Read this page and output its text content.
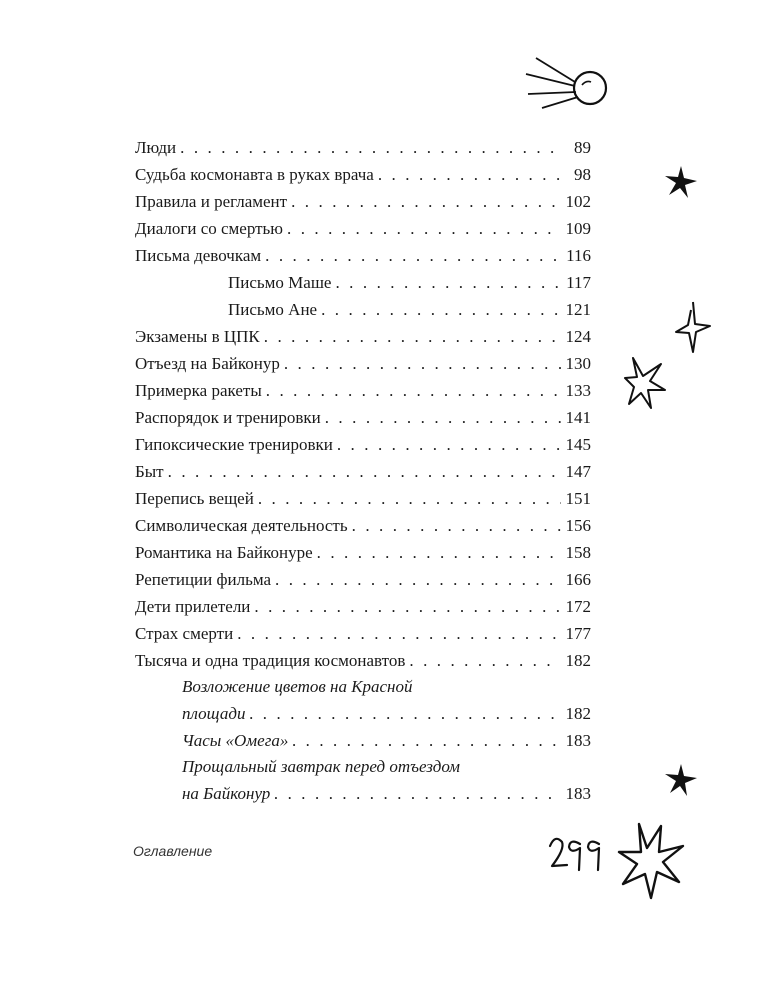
Люди . . .	89
Судьба космонавта в руках врача . . .	98
Правила и регламент . . .	102
Диалоги со смертью . . .	109
Письма девочкам . . .	116
Письмо Маше . . .	117
Письмо Ане . . .	121
Экзамены в ЦПК . . .	124
Отъезд на Байконур . . .	130
Примерка ракеты . . .	133
Распорядок и тренировки . . .	141
Гипоксические тренировки . . .	145
Быт . . .	147
Перепись вещей . . .	151
Символическая деятельность . . .	156
Романтика на Байконуре . . .	158
Репетиции фильма . . .	166
Дети прилетели . . .	172
Страх смерти . . .	177
Тысяча и одна традиция космонавтов . . .	182
Возложение цветов на Красной
площади . . .	182
Часы «Омега» . . .	183
Прощальный завтрак перед отъездом
на Байконур . . .	183
Оглавление
